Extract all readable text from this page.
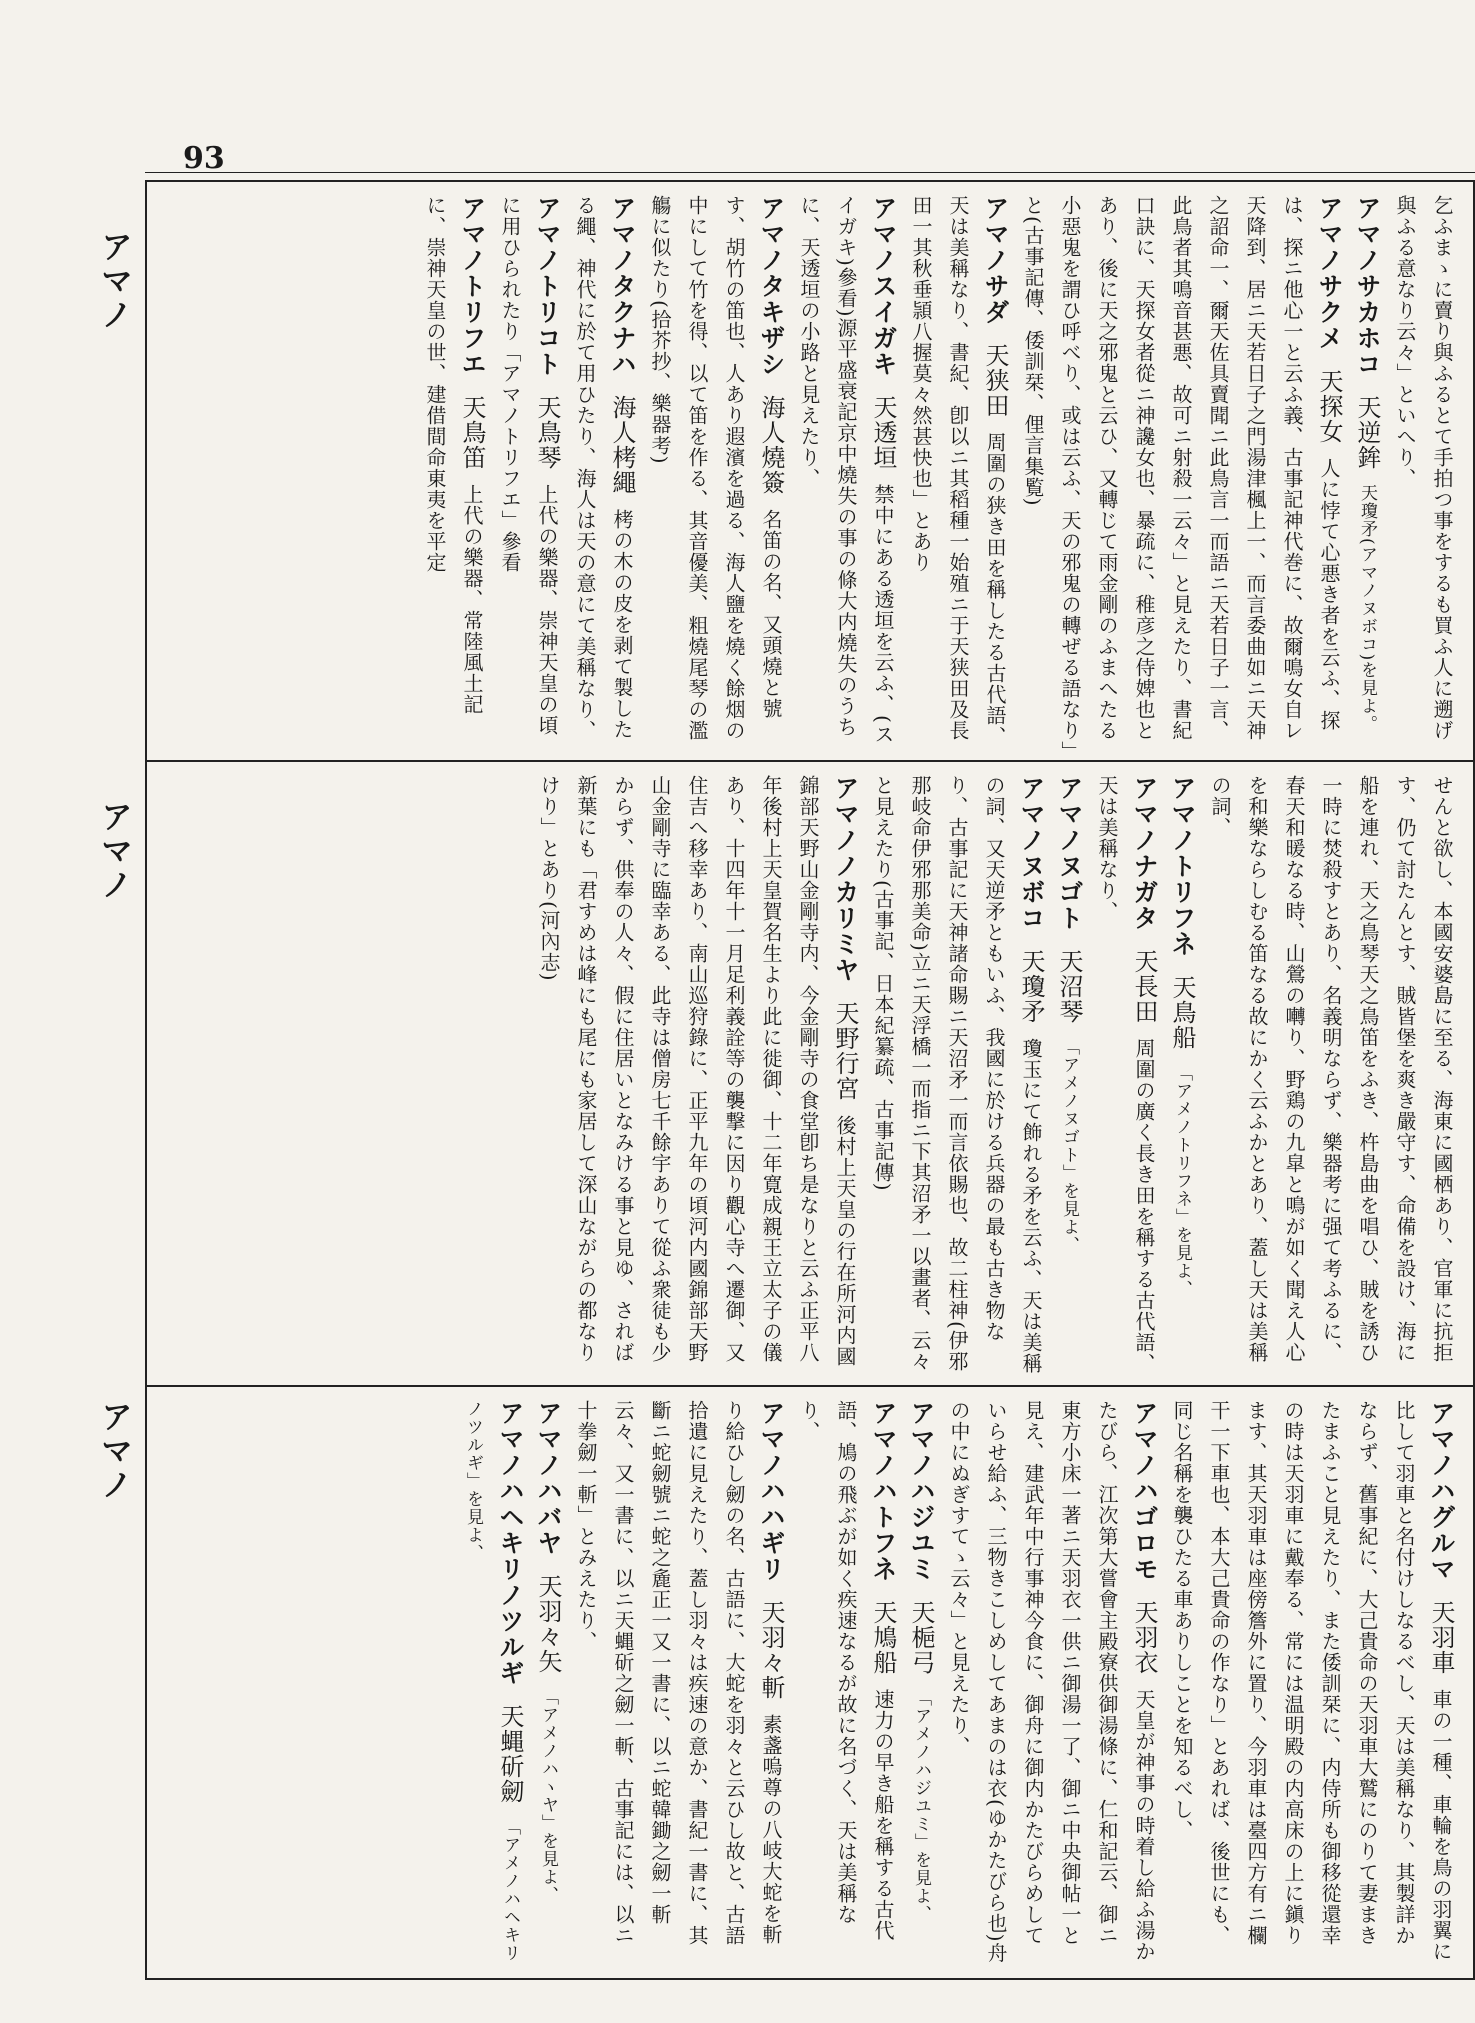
93
アマノ
アマノ
アマノ
乞ふまゝに賣り與ふるとて手拍つ事をするも買ふ人に遡げ與ふる意なり云々」といへり、
アマノサカホコ天逆鉾天瓊矛(アマノヌボコ)を見よ。
アマノサクメ天探女人に悖て心悪き者を云ふ、探は、探ニ他心一と云ふ義、古事記神代巻に、故爾鳴女自レ天降到、居ニ天若日子之門湯津楓上一、而言委曲如ニ天神之詔命一、爾天佐具賣聞ニ此鳥言一而語ニ天若日子一言、此鳥者其鳴音甚悪、故可ニ射殺一云々」と見えたり、書紀口訣に、天探女者從ニ神讒女也、暴疏に、稚彦之侍婢也とあり、後に天之邪鬼と云ひ、又轉じて雨金剛のふまへたる小惡鬼を謂ひ呼べり、或は云ふ、天の邪鬼の轉ぜる語なり」と(古事記傳、倭訓栞、俚言集覧)
アマノサダ天狭田周圍の狭き田を稱したる古代語、天は美稱なり、書紀、卽以ニ其稻種一始殖ニ于天狭田及長田一其秋垂頴八握莫々然甚快也」とあり
アマノスイガキ天透垣禁中にある透垣を云ふ、(スイガキ)參看)源平盛衰記京中燒失の事の條大内燒失のうちに、天透垣の小路と見えたり、
アマノタキザシ海人燒簽名笛の名、又頭燒と號す、胡竹の笛也、人あり遐濱を過る、海人鹽を燒く餘烟の中にして竹を得、以て笛を作る、其音優美、粗燒尾琴の濫觴に似たり(拾芥抄、樂器考)
アマノタクナハ海人栲繩栲の木の皮を剥て製したる繩、神代に於て用ひたり、海人は天の意にて美稱なり、
アマノトリコト天鳥琴上代の樂器、崇神天皇の頃に用ひられたり「アマノトリフエ」參看
アマノトリフエ天鳥笛上代の樂器、常陸風土記に、崇神天皇の世、建借間命東夷を平定
せんと欲し、本國安婆島に至る、海東に國栖あり、官軍に抗拒す、仍て討たんとす、賊皆堡を爽き嚴守す、命備を設け、海に船を連れ、天之鳥琴天之鳥笛をふき、杵島曲を唱ひ、賊を誘ひ一時に焚殺すとあり、名義明ならず、樂器考に强て考ふるに、春天和暖なる時、山鶯の囀り、野鶏の九皐と鳴が如く聞え人心を和樂ならしむる笛なる故にかく云ふかとあり、蓋し天は美稱の詞、
アマノトリフネ天鳥船「アメノトリフネ」を見よ、
アマノナガタ天長田周圍の廣く長き田を稱する古代語、天は美稱なり、
アマノヌゴト天沼琴「アメノヌゴト」を見よ、
アマノヌボコ天瓊矛瓊玉にて飾れる矛を云ふ、天は美稱の詞、又天逆矛ともいふ、我國に於ける兵器の最も古き物なり、古事記に天神諸命賜ニ天沼矛一而言依賜也、故二柱神(伊邪那岐命伊邪那美命)立ニ天浮橋一而指ニ下其沼矛一以畫者、云々と見えたり(古事記、日本紀纂疏、古事記傳)
アマノノカリミヤ天野行宮後村上天皇の行在所河内國錦部天野山金剛寺内、今金剛寺の食堂卽ち是なりと云ふ正平八年後村上天皇賀名生より此に徙御、十二年寛成親王立太子の儀あり、十四年十一月足利義詮等の襲撃に因り觀心寺へ遷御、又住吉へ移幸あり、南山巡狩錄に、正平九年の頃河内國錦部天野山金剛寺に臨幸ある、此寺は僧房七千餘宇ありて從ふ衆徒も少からず、供奉の人々、假に住居いとなみける事と見ゆ、されば新葉にも「君すめは峰にも尾にも家居して深山ながらの都なりけり」とあり(河內志)
アマノハグルマ天羽車車の一種、車輪を鳥の羽翼に比して羽車と名付けしなるべし、天は美稱なり、其製詳かならず、舊事紀に、大己貴命の天羽車大鷲にのりて妻まきたまふこと見えたり、また倭訓栞に、内侍所も御移從還幸の時は天羽車に戴奉る、常には温明殿の内高床の上に鎭ります、其天羽車は座傍簷外に置り、今羽車は臺四方有ニ欄干一下車也、本大己貴命の作なり」とあれば、後世にも、同じ名稱を襲ひたる車ありしことを知るべし、
アマノハゴロモ天羽衣天皇が神事の時着し給ふ湯かたびら、江次第大嘗會主殿寮供御湯條に、仁和記云、御ニ東方小床一著ニ天羽衣一供ニ御湯一了、御ニ中央御帖一と見え、建武年中行事神今食に、御舟に御内かたびらめしていらせ給ふ、三物きこしめしてあまのは衣(ゆかたびら也)舟の中にぬぎすてゝ云々」と見えたり、
アマノハジユミ天梔弓「アメノハジユミ」を見よ、
アマノハトフネ天鳩船速力の早き船を稱する古代語、鳩の飛ぶが如く疾速なるが故に名づく、天は美稱なり、
アマノハハギリ天羽々斬素盞嗚尊の八岐大蛇を斬り給ひし劒の名、古語に、大蛇を羽々と云ひし故と、古語拾遺に見えたり、蓋し羽々は疾速の意か、書紀一書に、其斷ニ蛇劒號ニ蛇之麁正一又一書に、以ニ蛇韓鋤之劒一斬云々、又一書に、以ニ天蝿斫之劒一斬、古事記には、以ニ十拳劒一斬」とみえたり、
アマノハバヤ天羽々矢「アメノハヽヤ」を見よ、
アマノハヘキリノツルギ天蝿斫劒「アメノハヘキリノツルギ」を見よ、
